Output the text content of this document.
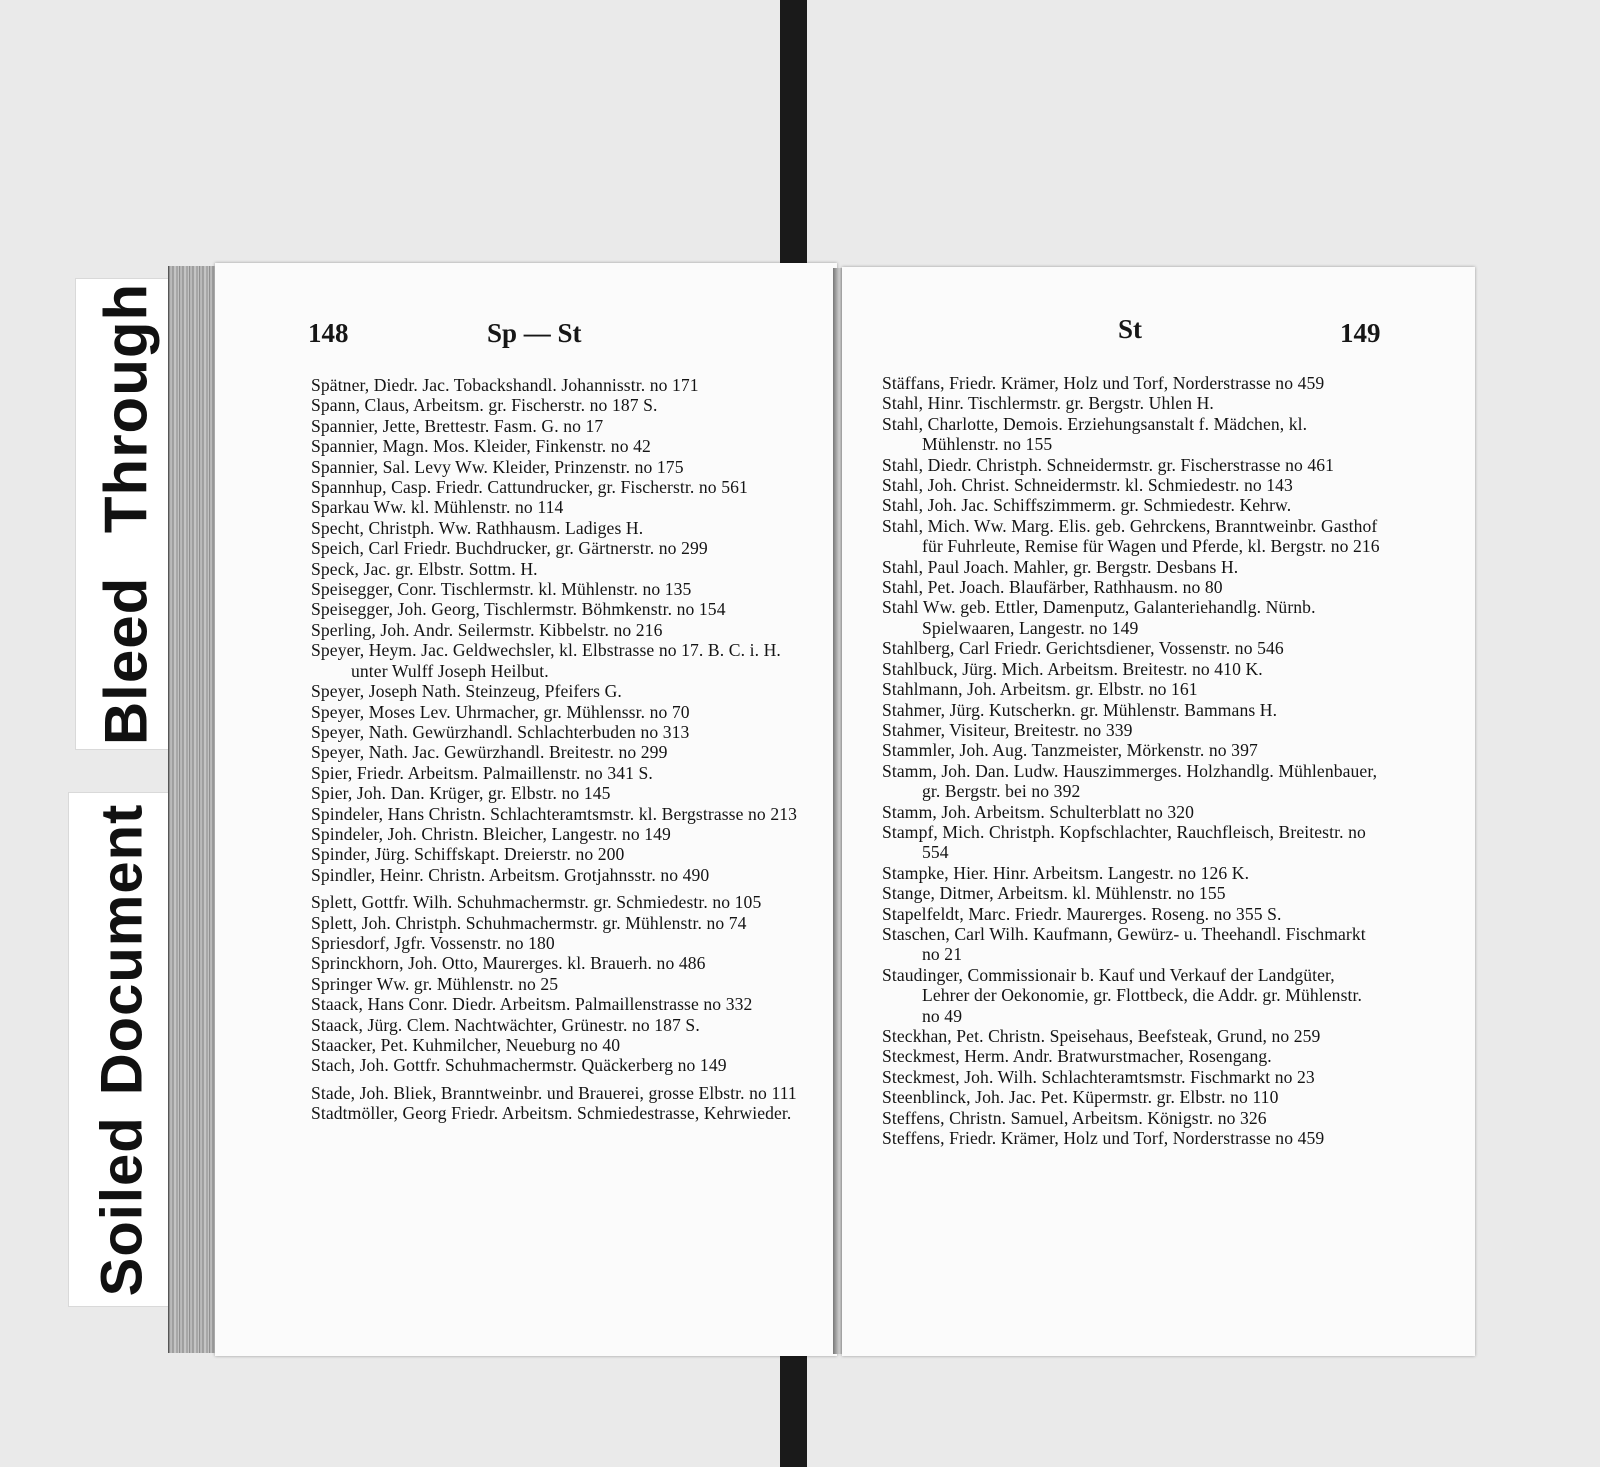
Bleed Through
Soiled Document
148	Sp — St

Spätner, Diedr. Jac. Tobackshandl. Johannisstr. no 171

Spann, Claus, Arbeitsm. gr. Fischerstr. no 187 S.

Spannier, Jette, Brettestr. Fasm. G. no 17

Spannier, Magn. Mos. Kleider, Finkenstr. no 42

Spannier, Sal. Levy Ww. Kleider, Prinzenstr. no 175

Spannhup, Casp. Friedr. Cattundrucker, gr. Fischerstr. no 561

Sparkau Ww. kl. Mühlenstr. no 114

Specht, Christph. Ww. Rathhausm. Ladiges H.

Speich, Carl Friedr. Buchdrucker, gr. Gärtnerstr. no 299

Speck, Jac. gr. Elbstr. Sottm. H.

Speisegger, Conr. Tischlermstr. kl. Mühlenstr. no 135

Speisegger, Joh. Georg, Tischlermstr. Böhmkenstr. no 154

Sperling, Joh. Andr. Seilermstr. Kibbelstr. no 216

Speyer, Heym. Jac. Geldwechsler, kl. Elbstrasse no 17. B. C. i. H. unter Wulff Joseph Heilbut.

Speyer, Joseph Nath. Steinzeug, Pfeifers G.

Speyer, Moses Lev. Uhrmacher, gr. Mühlenssr. no 70

Speyer, Nath. Gewürzhandl. Schlachterbuden no 313

Speyer, Nath. Jac. Gewürzhandl. Breitestr. no 299

Spier, Friedr. Arbeitsm. Palmaillenstr. no 341 S.

Spier, Joh. Dan. Krüger, gr. Elbstr. no 145

Spindeler, Hans Christn. Schlachteramtsmstr. kl. Bergstrasse no 213

Spindeler, Joh. Christn. Bleicher, Langestr. no 149

Spinder, Jürg. Schiffskapt. Dreierstr. no 200

Spindler, Heinr. Christn. Arbeitsm. Grotjahnsstr. no 490

Splett, Gottfr. Wilh. Schuhmachermstr. gr. Schmiedestr. no 105

Splett, Joh. Christph. Schuhmachermstr. gr. Mühlenstr. no 74

Spriesdorf, Jgfr. Vossenstr. no 180

Sprinckhorn, Joh. Otto, Maurerges. kl. Brauerh. no 486

Springer Ww. gr. Mühlenstr. no 25

Staack, Hans Conr. Diedr. Arbeitsm. Palmaillenstrasse no 332

Staack, Jürg. Clem. Nachtwächter, Grünestr. no 187 S.

Staacker, Pet. Kuhmilcher, Neueburg no 40

Stach, Joh. Gottfr. Schuhmachermstr. Quäckerberg no 149

Stade, Joh. Bliek, Branntweinbr. und Brauerei, grosse Elbstr. no 111

Stadtmöller, Georg Friedr. Arbeitsm. Schmiedestrasse, Kehrwieder.

St	149

Stäffans, Friedr. Krämer, Holz und Torf, Norderstrasse no 459

Stahl, Hinr. Tischlermstr. gr. Bergstr. Uhlen H.

Stahl, Charlotte, Demois. Erziehungsanstalt f. Mädchen, kl. Mühlenstr. no 155

Stahl, Diedr. Christph. Schneidermstr. gr. Fischerstrasse no 461

Stahl, Joh. Christ. Schneidermstr. kl. Schmiedestr. no 143

Stahl, Joh. Jac. Schiffszimmerm. gr. Schmiedestr. Kehrw.

Stahl, Mich. Ww. Marg. Elis. geb. Gehrckens, Branntweinbr. Gasthof für Fuhrleute, Remise für Wagen und Pferde, kl. Bergstr. no 216

Stahl, Paul Joach. Mahler, gr. Bergstr. Desbans H.

Stahl, Pet. Joach. Blaufärber, Rathhausm. no 80

Stahl Ww. geb. Ettler, Damenputz, Galanteriehandlg. Nürnb. Spielwaaren, Langestr. no 149

Stahlberg, Carl Friedr. Gerichtsdiener, Vossenstr. no 546

Stahlbuck, Jürg. Mich. Arbeitsm. Breitestr. no 410 K.

Stahlmann, Joh. Arbeitsm. gr. Elbstr. no 161

Stahmer, Jürg. Kutscherkn. gr. Mühlenstr. Bammans H.

Stahmer, Visiteur, Breitestr. no 339

Stammler, Joh. Aug. Tanzmeister, Mörkenstr. no 397

Stamm, Joh. Dan. Ludw. Hauszimmerges. Holzhandlg. Mühlenbauer, gr. Bergstr. bei no 392

Stamm, Joh. Arbeitsm. Schulterblatt no 320

Stampf, Mich. Christph. Kopfschlachter, Rauchfleisch, Breitestr. no 554

Stampke, Hier. Hinr. Arbeitsm. Langestr. no 126 K.

Stange, Ditmer, Arbeitsm. kl. Mühlenstr. no 155

Stapelfeldt, Marc. Friedr. Maurerges. Roseng. no 355 S.

Staschen, Carl Wilh. Kaufmann, Gewürz- u. Theehandl. Fischmarkt no 21

Staudinger, Commissionair b. Kauf und Verkauf der Landgüter, Lehrer der Oekonomie, gr. Flottbeck, die Addr. gr. Mühlenstr. no 49

Steckhan, Pet. Christn. Speisehaus, Beefsteak, Grund, no 259

Steckmest, Herm. Andr. Bratwurstmacher, Rosengang.

Steckmest, Joh. Wilh. Schlachteramtsmstr. Fischmarkt no 23

Steenblinck, Joh. Jac. Pet. Küpermstr. gr. Elbstr. no 110

Steffens, Christn. Samuel, Arbeitsm. Königstr. no 326

Steffens, Friedr. Krämer, Holz und Torf, Norderstrasse no 459
